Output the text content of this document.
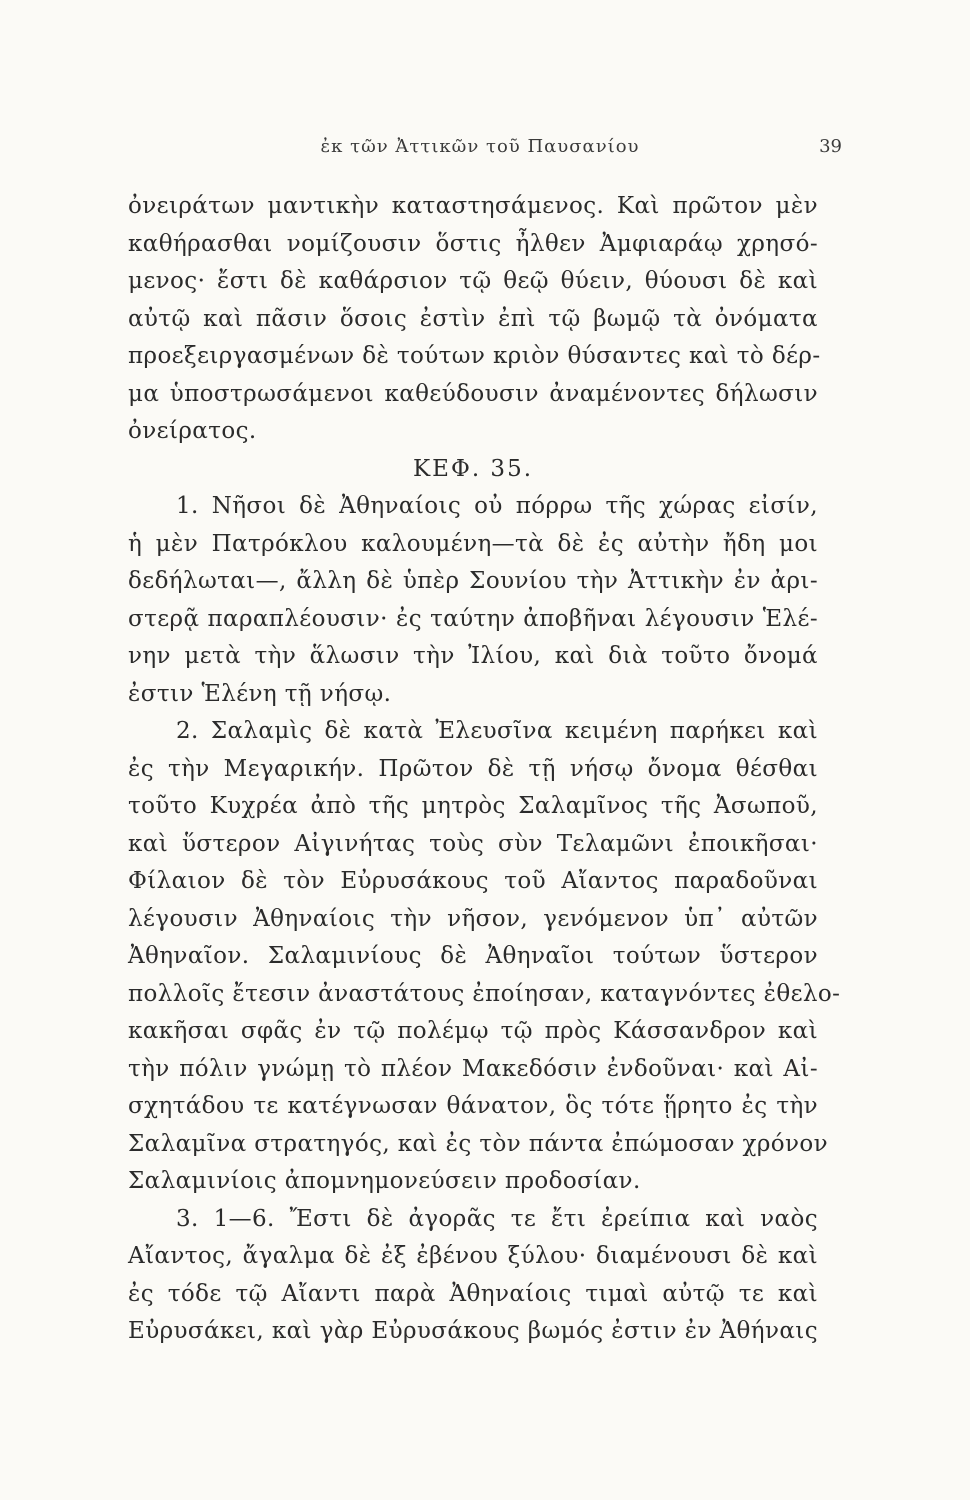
ἐκ τῶν Ἀττικῶν τοῦ Παυσανίου	39
ὀνειράτων μαντικὴν καταστησάμενος. Καὶ πρῶτον μὲν
καθήρασθαι νομίζουσιν ὅστις ἦλθεν Ἀμφιαράῳ χρησό-
μενος· ἔστι δὲ καθάρσιον τῷ θεῷ θύειν, θύουσι δὲ καὶ
αὐτῷ καὶ πᾶσιν ὅσοις ἐστὶν ἐπὶ τῷ βωμῷ τὰ ὀνόματα
προεξειργασμένων δὲ τούτων κριὸν θύσαντες καὶ τὸ δέρ-
μα ὑποστρωσάμενοι καθεύδουσιν ἀναμένοντες δήλωσιν
ὀνείρατος.
ΚΕΦ. 35.
1. Νῆσοι δὲ Ἀθηναίοις οὐ πόρρω τῆς χώρας εἰσίν,
ἡ μὲν Πατρόκλου καλουμένη—τὰ δὲ ἐς αὐτὴν ἤδη μοι
δεδήλωται—, ἄλλη δὲ ὑπὲρ Σουνίου τὴν Ἀττικὴν ἐν ἀρι-
στερᾷ παραπλέουσιν· ἐς ταύτην ἀποβῆναι λέγουσιν Ἑλέ-
νην μετὰ τὴν ἅλωσιν τὴν Ἰλίου, καὶ διὰ τοῦτο ὄνομά
ἐστιν Ἑλένη τῇ νήσῳ.
2. Σαλαμὶς δὲ κατὰ Ἐλευσῖνα κειμένη παρήκει καὶ
ἐς τὴν Μεγαρικήν. Πρῶτον δὲ τῇ νήσῳ ὄνομα θέσθαι
τοῦτο Κυχρέα ἀπὸ τῆς μητρὸς Σαλαμῖνος τῆς Ἀσωποῦ,
καὶ ὕστερον Αἰγινήτας τοὺς σὺν Τελαμῶνι ἐποικῆσαι·
Φίλαιον δὲ τὸν Εὐρυσάκους τοῦ Αἴαντος παραδοῦναι
λέγουσιν Ἀθηναίοις τὴν νῆσον, γενόμενον ὑπ᾽ αὐτῶν
Ἀθηναῖον. Σαλαμινίους δὲ Ἀθηναῖοι τούτων ὕστερον
πολλοῖς ἔτεσιν ἀναστάτους ἐποίησαν, καταγνόντες ἐθελο-
κακῆσαι σφᾶς ἐν τῷ πολέμῳ τῷ πρὸς Κάσσανδρον καὶ
τὴν πόλιν γνώμῃ τὸ πλέον Μακεδόσιν ἐνδοῦναι· καὶ Αἰ-
σχητάδου τε κατέγνωσαν θάνατον, ὃς τότε ᾕρητο ἐς τὴν
Σαλαμῖνα στρατηγός, καὶ ἐς τὸν πάντα ἐπώμοσαν χρόνον
Σαλαμινίοις ἀπομνημονεύσειν προδοσίαν.
3. 1—6. Ἔστι δὲ ἀγορᾶς τε ἔτι ἐρείπια καὶ ναὸς
Αἴαντος, ἄγαλμα δὲ ἐξ ἐβένου ξύλου· διαμένουσι δὲ καὶ
ἐς τόδε τῷ Αἴαντι παρὰ Ἀθηναίοις τιμαὶ αὐτῷ τε καὶ
Εὐρυσάκει, καὶ γὰρ Εὐρυσάκους βωμός ἐστιν ἐν Ἀθήναις
